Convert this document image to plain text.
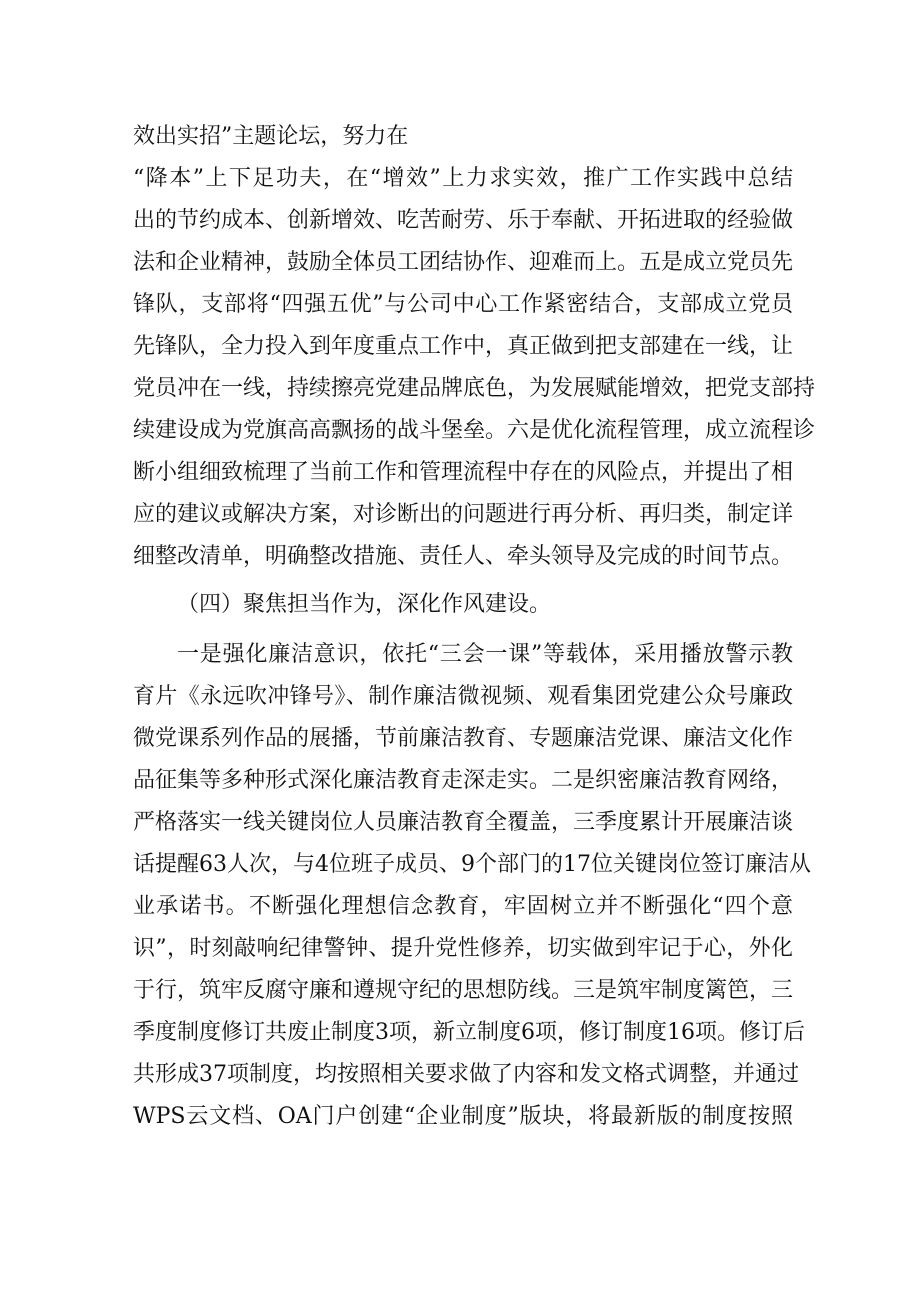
效出实招”主题论坛，努力在
“降本”上下足功夫，在“增效”上力求实效，推广工作实践中总结
出的节约成本、创新增效、吃苦耐劳、乐于奉献、开拓进取的经验做
法和企业精神，鼓励全体员工团结协作、迎难而上。五是成立党员先
锋队，支部将“四强五优”与公司中心工作紧密结合，支部成立党员
先锋队，全力投入到年度重点工作中，真正做到把支部建在一线，让
党员冲在一线，持续擦亮党建品牌底色，为发展赋能增效，把党支部持
续建设成为党旗高高飘扬的战斗堡垒。六是优化流程管理，成立流程诊
断小组细致梳理了当前工作和管理流程中存在的风险点，并提出了相
应的建议或解决方案，对诊断出的问题进行再分析、再归类，制定详
细整改清单，明确整改措施、责任人、牵头领导及完成的时间节点。
（四）聚焦担当作为，深化作风建设。
一是强化廉洁意识，依托“三会一课”等载体，采用播放警示教
育片《永远吹冲锋号》、制作廉洁微视频、观看集团党建公众号廉政
微党课系列作品的展播，节前廉洁教育、专题廉洁党课、廉洁文化作
品征集等多种形式深化廉洁教育走深走实。二是织密廉洁教育网络，
严格落实一线关键岗位人员廉洁教育全覆盖，三季度累计开展廉洁谈
话提醒63人次，与4位班子成员、9个部门的17位关键岗位签订廉洁从
业承诺书。不断强化理想信念教育，牢固树立并不断强化“四个意
识”，时刻敲响纪律警钟、提升党性修养，切实做到牢记于心，外化
于行，筑牢反腐守廉和遵规守纪的思想防线。三是筑牢制度篱笆，三
季度制度修订共废止制度3项，新立制度6项，修订制度16项。修订后
共形成37项制度，均按照相关要求做了内容和发文格式调整，并通过
WPS云文档、OA门户创建“企业制度”版块，将最新版的制度按照
